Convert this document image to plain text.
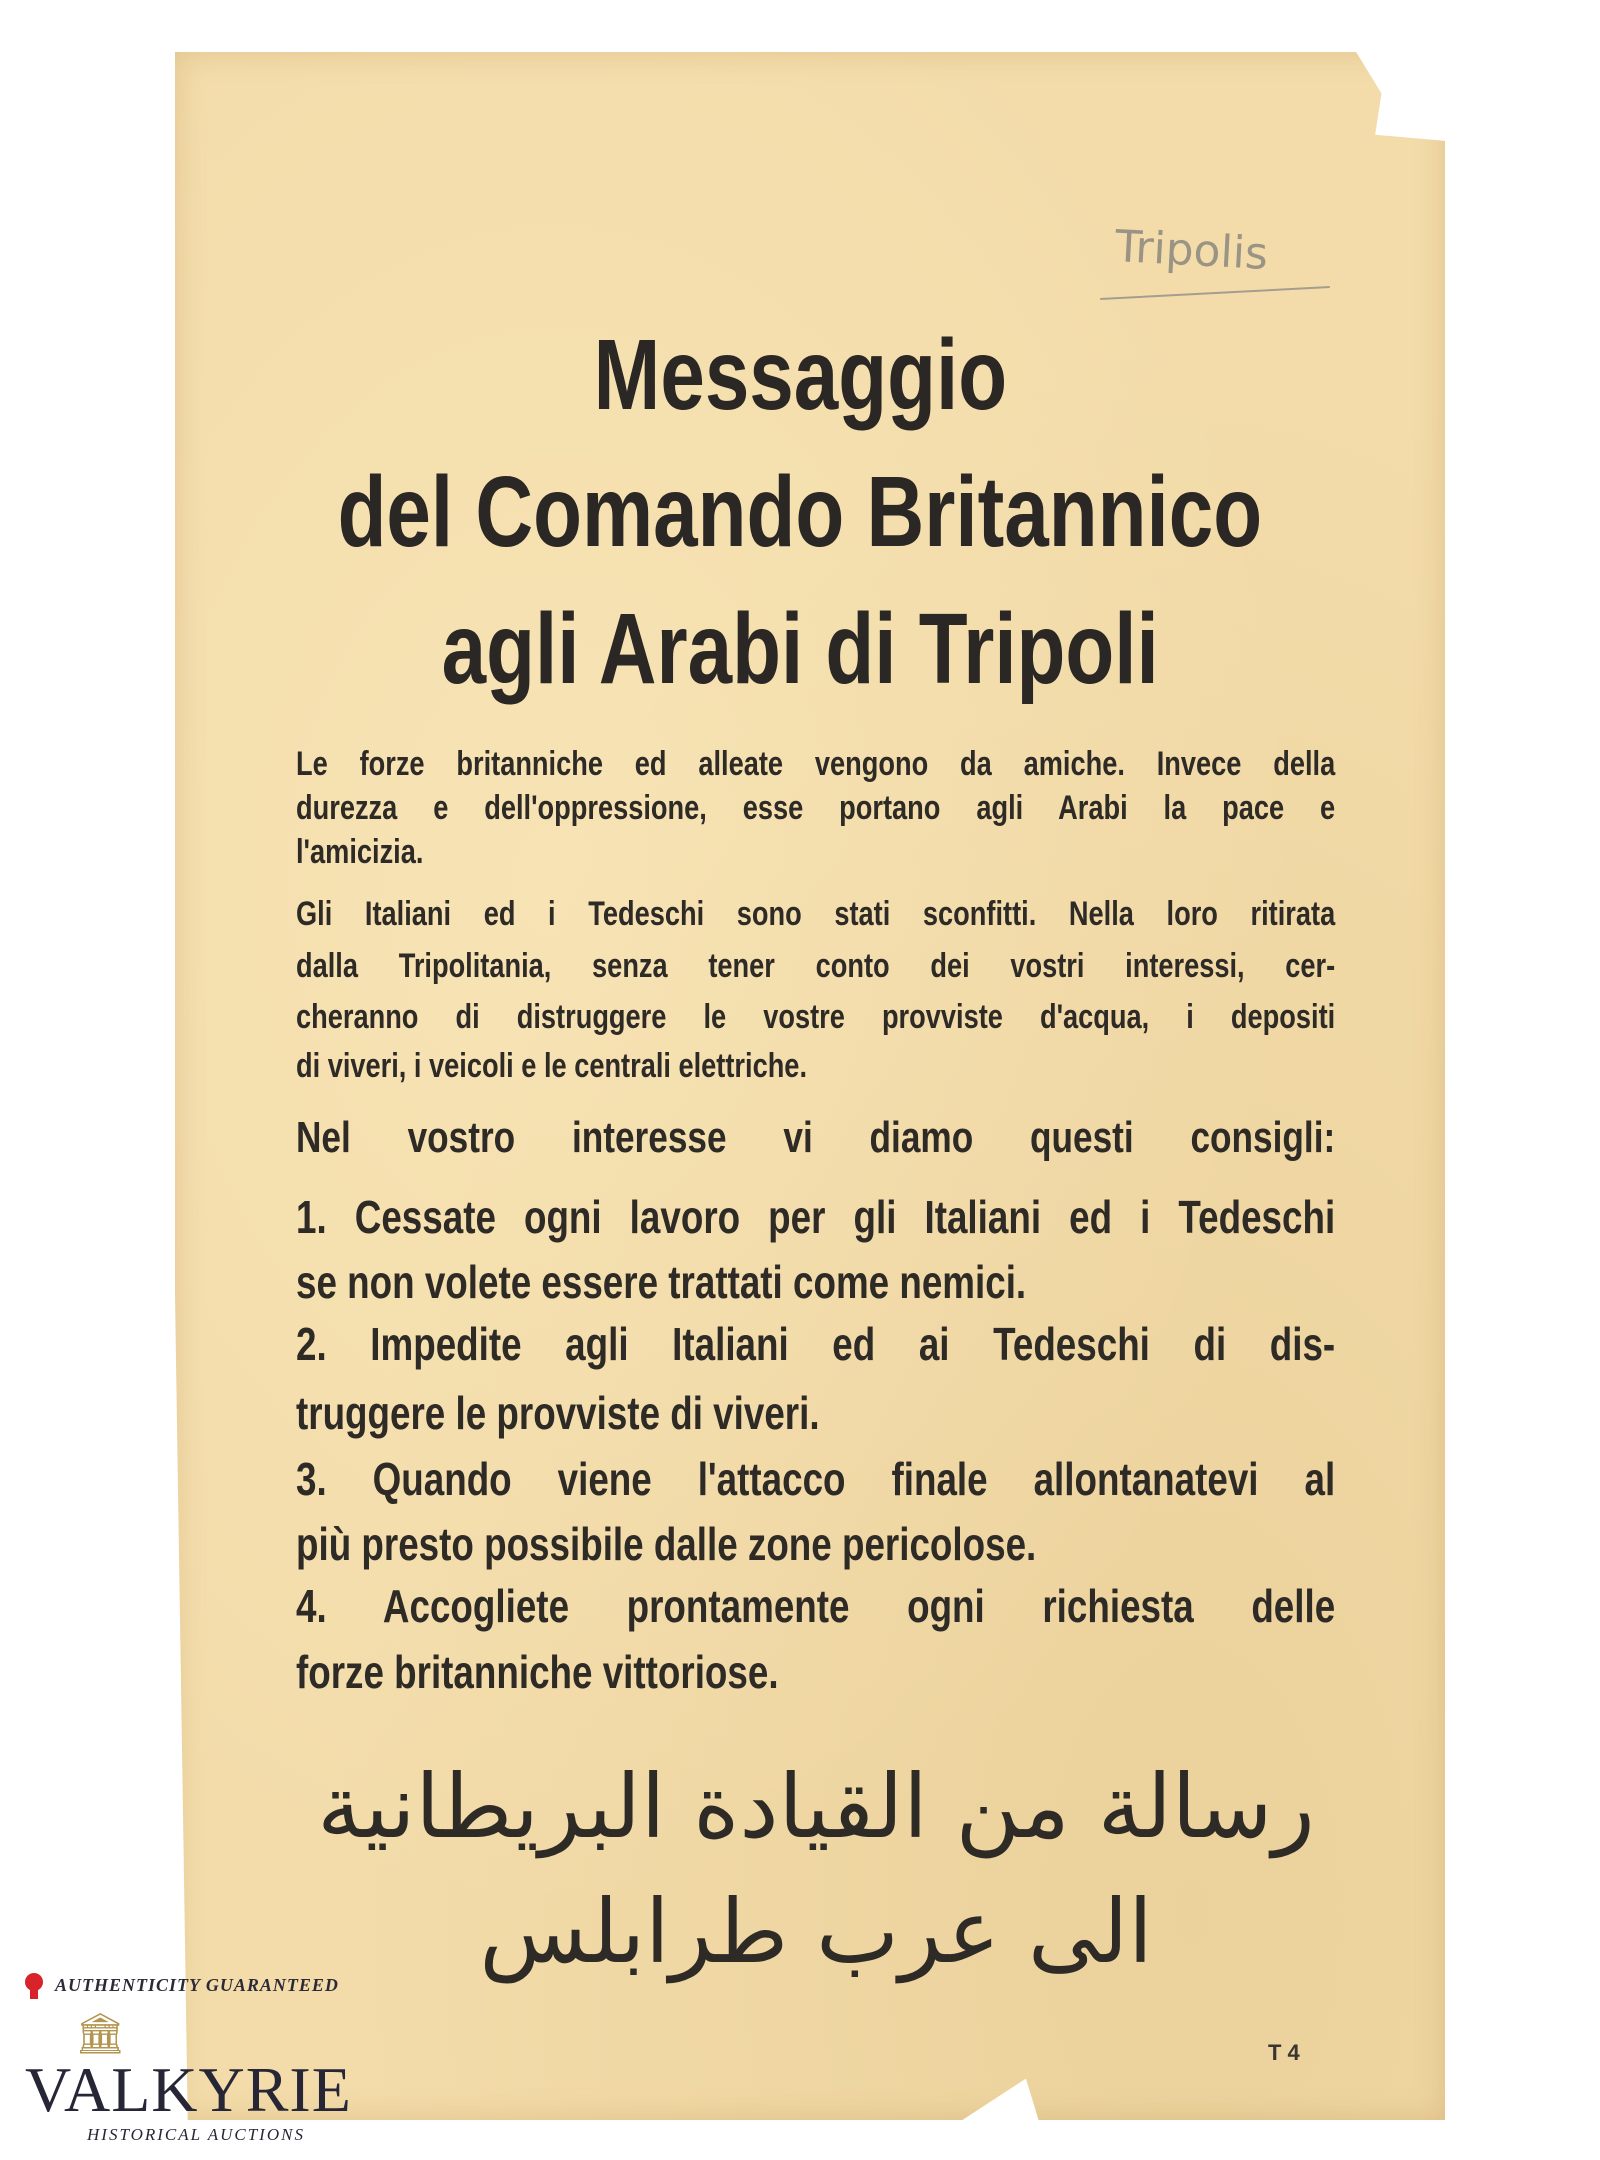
Tripolis
Messaggio
del Comando Britannico
agli Arabi di Tripoli
Le forze britanniche ed alleate vengono da amiche. Invece della
durezza e dell'oppressione, esse portano agli Arabi la pace e
l'amicizia.
Gli Italiani ed i Tedeschi sono stati sconfitti. Nella loro ritirata
dalla Tripolitania, senza tener conto dei vostri interessi, cer-
cheranno di distruggere le vostre provviste d'acqua, i depositi
di viveri, i veicoli e le centrali elettriche.
Nel vostro interesse vi diamo questi consigli:
1. Cessate ogni lavoro per gli Italiani ed i Tedeschi
se non volete essere trattati come nemici.
2. Impedite agli Italiani ed ai Tedeschi di dis-
truggere le provviste di viveri.
3. Quando viene l'attacco finale allontanatevi al
più presto possibile dalle zone pericolose.
4. Accogliete prontamente ogni richiesta delle
forze britanniche vittoriose.
رسالة من القيادة البريطانية
الى عرب طرابلس
T 4
AUTHENTICITY GUARANTEED
🏛
VALKYRIE
HISTORICAL AUCTIONS
